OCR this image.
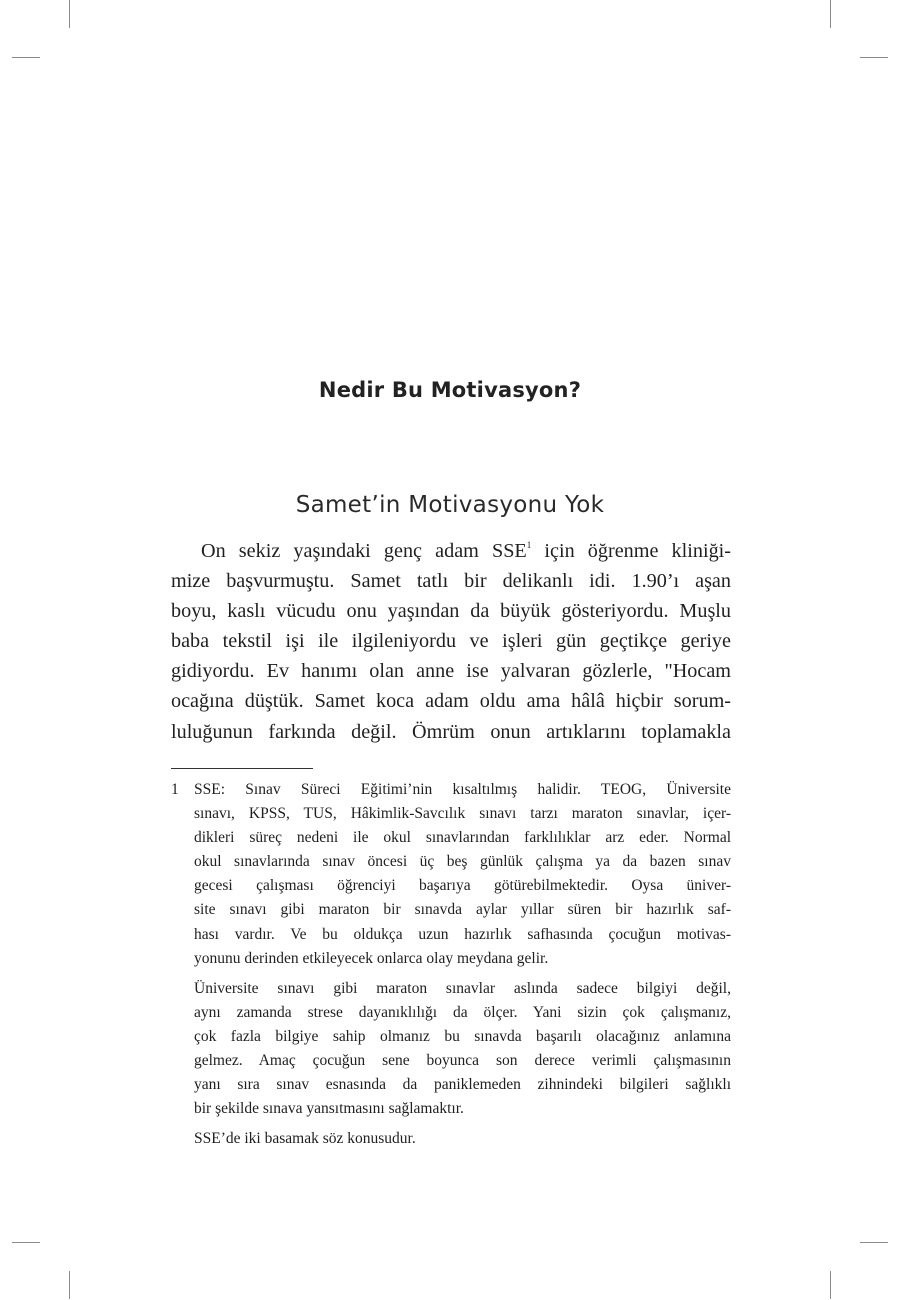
Nedir Bu Motivasyon?
Samet’in Motivasyonu Yok
On sekiz yaşındaki genç adam SSE$^1$ için öğrenme kliniği-
mize başvurmuştu. Samet tatlı bir delikanlı idi. 1.90’ı aşan
boyu, kaslı vücudu onu yaşından da büyük gösteriyordu. Muşlu
baba tekstil işi ile ilgileniyordu ve işleri gün geçtikçe geriye
gidiyordu. Ev hanımı olan anne ise yalvaran gözlerle, "Hocam
ocağına düştük. Samet koca adam oldu ama hâlâ hiçbir sorum-
luluğunun farkında değil. Ömrüm onun artıklarını toplamakla
1 SSE: Sınav Süreci Eğitimi’nin kısaltılmış halidir. TEOG, Üniversite
sınavı, KPSS, TUS, Hâkimlik-Savcılık sınavı tarzı maraton sınavlar, içer-
dikleri süreç nedeni ile okul sınavlarından farklılıklar arz eder. Normal
okul sınavlarında sınav öncesi üç beş günlük çalışma ya da bazen sınav
gecesi çalışması öğrenciyi başarıya götürebilmektedir. Oysa üniver-
site sınavı gibi maraton bir sınavda aylar yıllar süren bir hazırlık saf-
hası vardır. Ve bu oldukça uzun hazırlık safhasında çocuğun motivas-
yonunu derinden etkileyecek onlarca olay meydana gelir.
Üniversite sınavı gibi maraton sınavlar aslında sadece bilgiyi değil,
aynı zamanda strese dayanıklılığı da ölçer. Yani sizin çok çalışmanız,
çok fazla bilgiye sahip olmanız bu sınavda başarılı olacağınız anlamına
gelmez. Amaç çocuğun sene boyunca son derece verimli çalışmasının
yanı sıra sınav esnasında da paniklemeden zihnindeki bilgileri sağlıklı
bir şekilde sınava yansıtmasını sağlamaktır.
SSE’de iki basamak söz konusudur.
